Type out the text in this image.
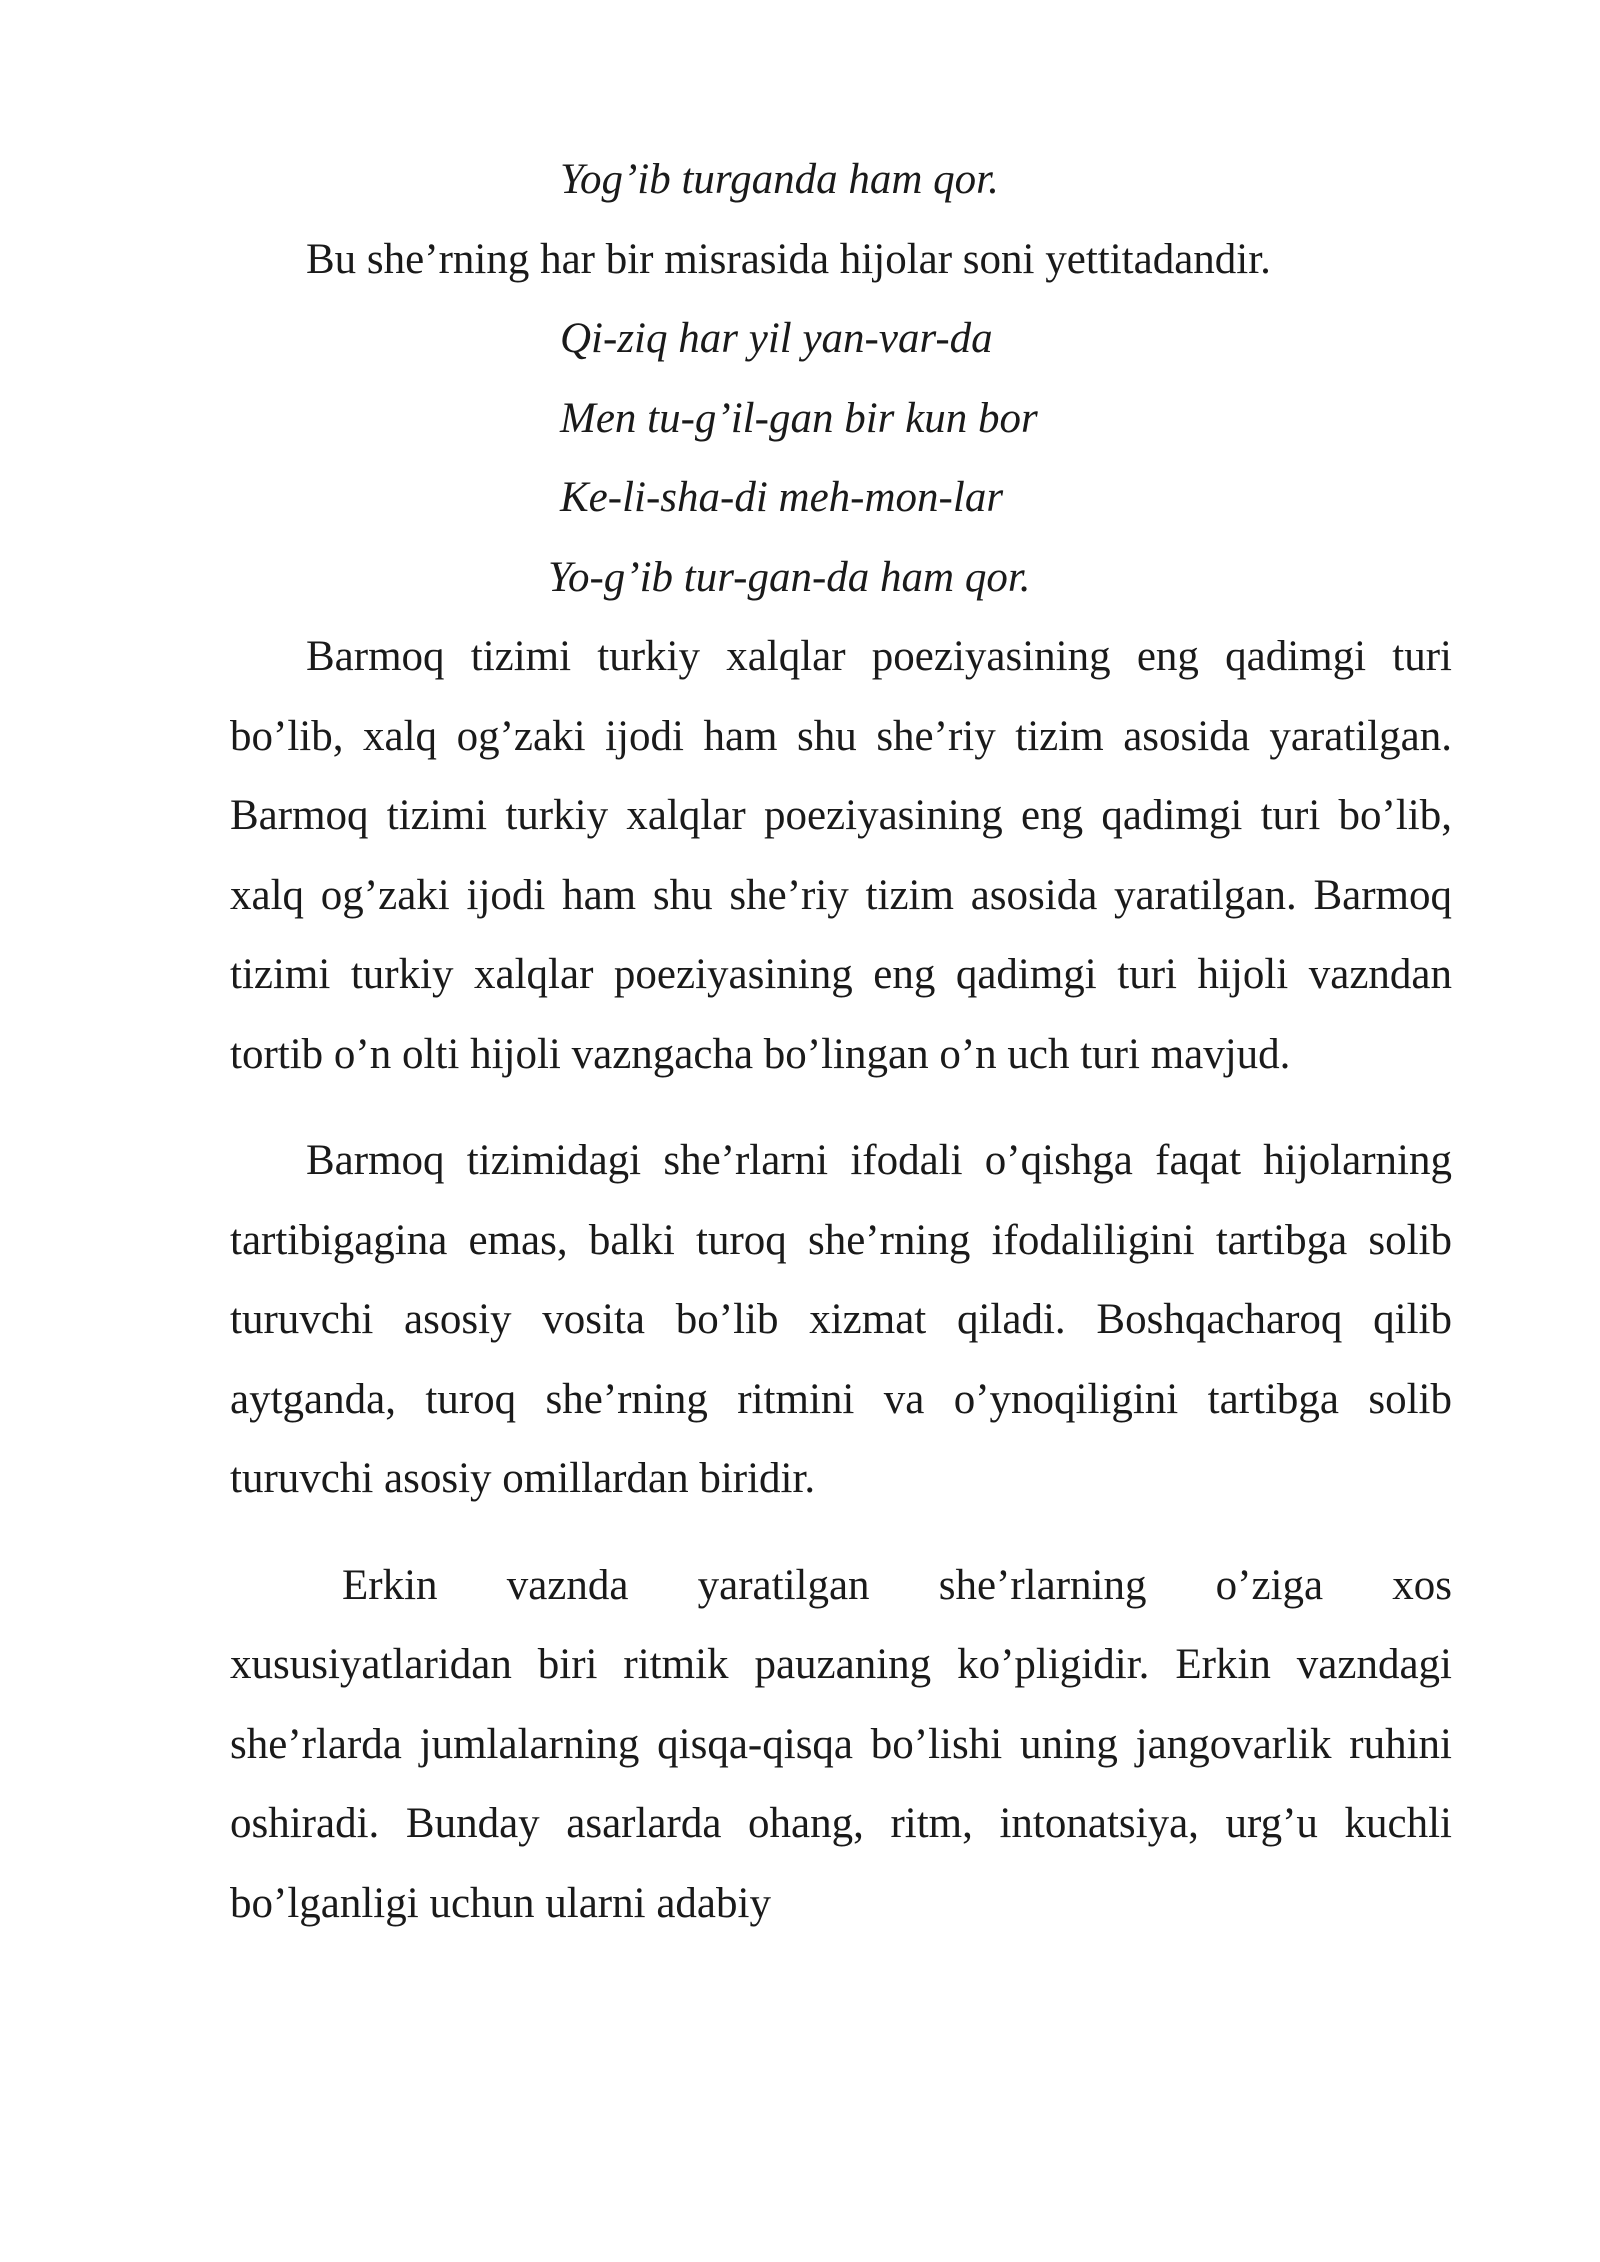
Yog’ib turganda ham qor.

Bu she’rning har bir misrasida hijolar soni yettitadandir.

Qi-ziq har yil yan-var-da

Men tu-g’il-gan bir kun bor

Ke-li-sha-di meh-mon-lar

Yo-g’ib tur-gan-da ham qor.

Barmoq tizimi turkiy xalqlar poeziyasining eng qadimgi turi bo’lib, xalq og’zaki ijodi ham shu she’riy tizim asosida yaratilgan. Barmoq tizimi turkiy xalqlar poeziyasining eng qadimgi turi bo’lib, xalq og’zaki ijodi ham shu she’riy tizim asosida yaratilgan. Barmoq tizimi turkiy xalqlar poeziyasining eng qadimgi turi hijoli vazndan tortib o’n olti hijoli vazngacha bo’lingan o’n uch turi mavjud.

Barmoq tizimidagi she’rlarni ifodali o’qishga faqat hijolarning tartibigagina emas, balki turoq she’rning ifodaliligini tartibga solib turuvchi asosiy vosita bo’lib xizmat qiladi. Boshqacharoq qilib aytganda, turoq she’rning ritmini va o’ynoqiligini tartibga solib turuvchi asosiy omillardan biridir.

Erkin vaznda yaratilgan she’rlarning o’ziga xos xususiyatlaridan biri ritmik pauzaning ko’pligidir. Erkin vazndagi she’rlarda jumlalarning qisqa-qisqa bo’lishi uning jangovarlik ruhini oshiradi. Bunday asarlarda ohang, ritm, intonatsiya, urg’u kuchli bo’lganligi uchun ularni adabiy
